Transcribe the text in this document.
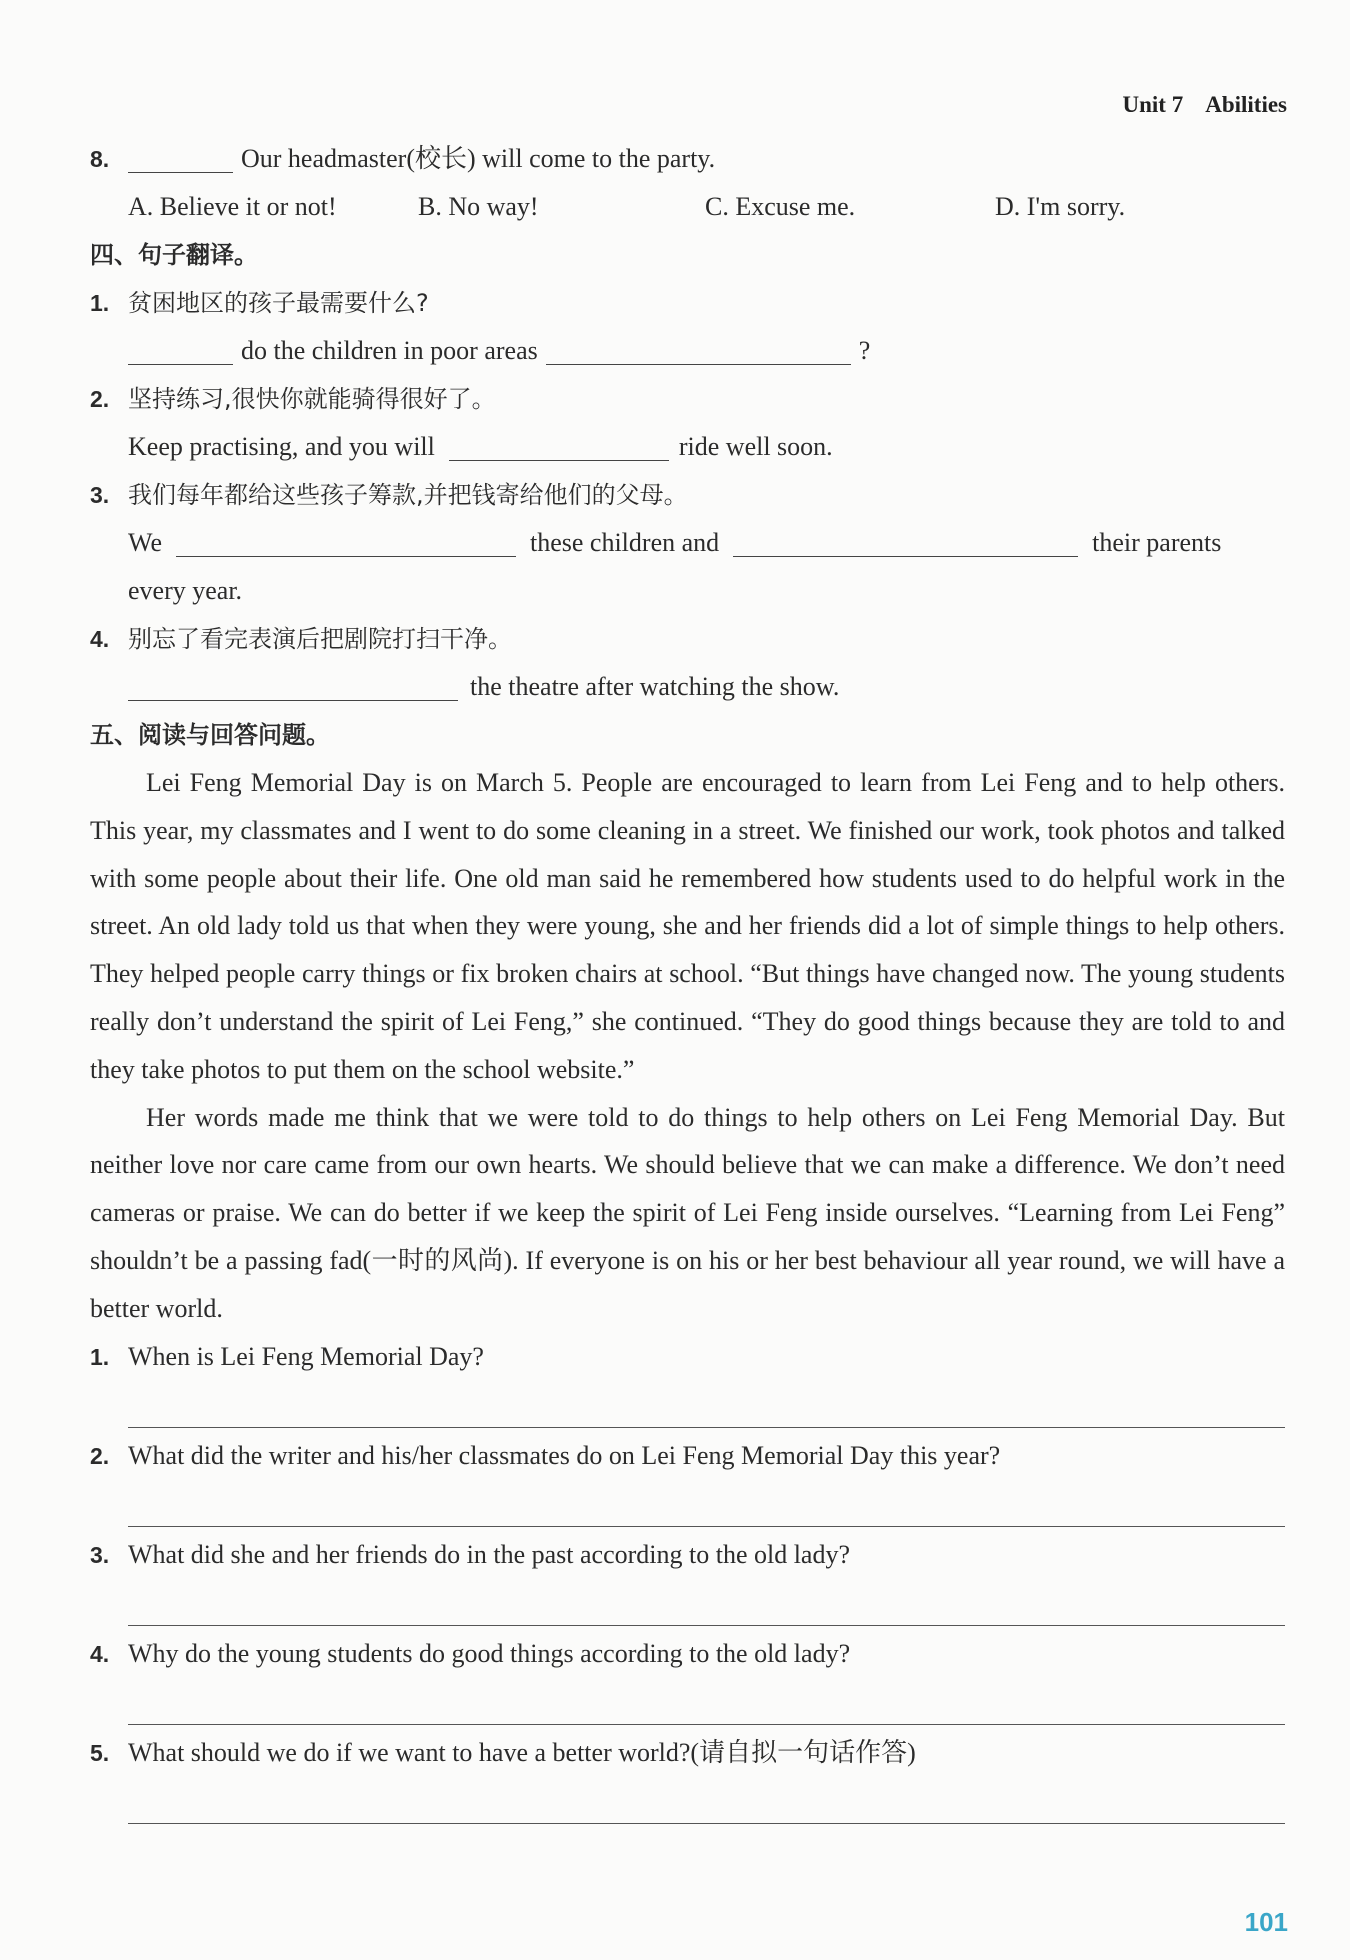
Unit 7 Abilities
8.	Our headmaster(校长) will come to the party.
A. Believe it or not!	B. No way!	C. Excuse me.	D. I'm sorry.
四、句子翻译。
1. 贫困地区的孩子最需要什么?
do the children in poor areas	?
2. 坚持练习,很快你就能骑得很好了。
Keep practising, and you will	ride well soon.
3. 我们每年都给这些孩子筹款,并把钱寄给他们的父母。
We	these children and	their parents
every year.
4. 别忘了看完表演后把剧院打扫干净。
the theatre after watching the show.
五、阅读与回答问题。
Lei Feng Memorial Day is on March 5. People are encouraged to learn from Lei Feng and to help others. This year, my classmates and I went to do some cleaning in a street. We finished our work, took photos and talked with some people about their life. One old man said he remembered how students used to do helpful work in the street. An old lady told us that when they were young, she and her friends did a lot of simple things to help others. They helped people carry things or fix broken chairs at school. “But things have changed now. The young students really don’t understand the spirit of Lei Feng,” she continued. “They do good things because they are told to and they take photos to put them on the school website.”
Her words made me think that we were told to do things to help others on Lei Feng Memorial Day. But neither love nor care came from our own hearts. We should believe that we can make a difference. We don’t need cameras or praise. We can do better if we keep the spirit of Lei Feng inside ourselves. “Learning from Lei Feng” shouldn’t be a passing fad(一时的风尚). If everyone is on his or her best behaviour all year round, we will have a better world.
1. When is Lei Feng Memorial Day?
2. What did the writer and his/her classmates do on Lei Feng Memorial Day this year?
3. What did she and her friends do in the past according to the old lady?
4. Why do the young students do good things according to the old lady?
5. What should we do if we want to have a better world?(请自拟一句话作答)
101
